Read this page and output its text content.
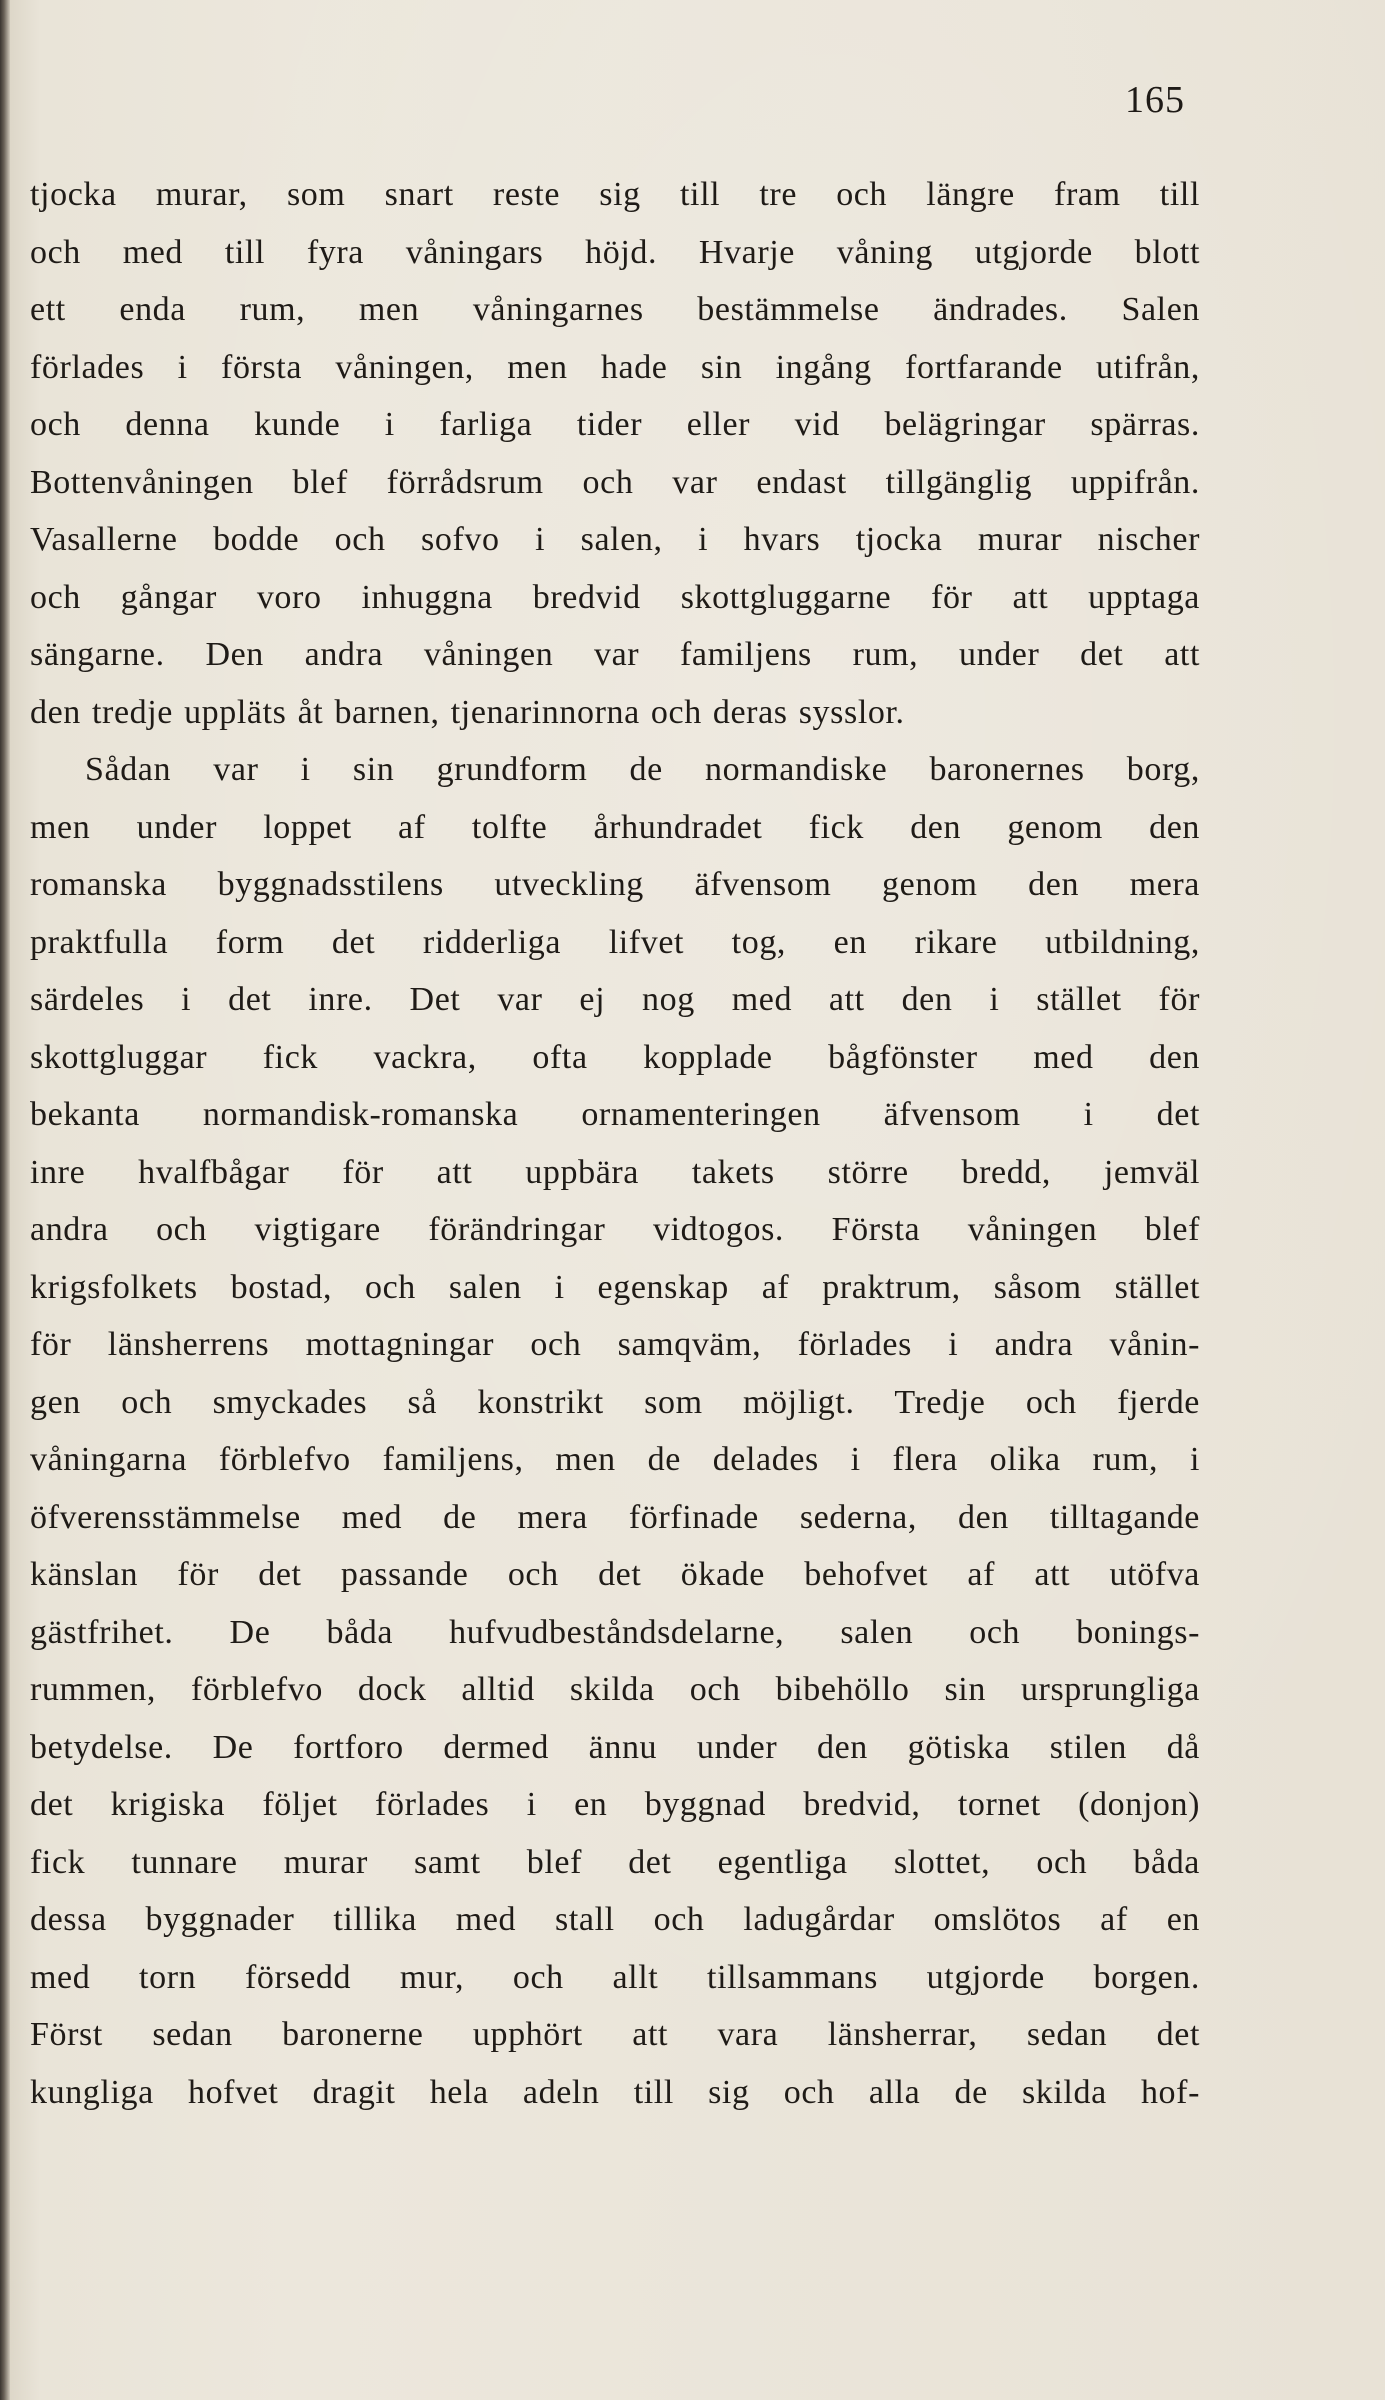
165
tjocka murar, som snart reste sig till tre och längre fram till
och med till fyra våningars höjd. Hvarje våning utgjorde blott
ett enda rum, men våningarnes bestämmelse ändrades. Salen
förlades i första våningen, men hade sin ingång fortfarande utifrån,
och denna kunde i farliga tider eller vid belägringar spärras.
Bottenvåningen blef förrådsrum och var endast tillgänglig uppifrån.
Vasallerne bodde och sofvo i salen, i hvars tjocka murar nischer
och gångar voro inhuggna bredvid skottgluggarne för att upptaga
sängarne. Den andra våningen var familjens rum, under det att
den tredje uppläts åt barnen, tjenarinnorna och deras sysslor.
Sådan var i sin grundform de normandiske baronernes borg,
men under loppet af tolfte århundradet fick den genom den
romanska byggnadsstilens utveckling äfvensom genom den mera
praktfulla form det ridderliga lifvet tog, en rikare utbildning,
särdeles i det inre. Det var ej nog med att den i stället för
skottgluggar fick vackra, ofta kopplade bågfönster med den
bekanta normandisk-romanska ornamenteringen äfvensom i det
inre hvalfbågar för att uppbära takets större bredd, jemväl
andra och vigtigare förändringar vidtogos. Första våningen blef
krigsfolkets bostad, och salen i egenskap af praktrum, såsom stället
för länsherrens mottagningar och samqväm, förlades i andra vånin-
gen och smyckades så konstrikt som möjligt. Tredje och fjerde
våningarna förblefvo familjens, men de delades i flera olika rum, i
öfverensstämmelse med de mera förfinade sederna, den tilltagande
känslan för det passande och det ökade behofvet af att utöfva
gästfrihet. De båda hufvudbeståndsdelarne, salen och bonings-
rummen, förblefvo dock alltid skilda och bibehöllo sin ursprungliga
betydelse. De fortforo dermed ännu under den götiska stilen då
det krigiska följet förlades i en byggnad bredvid, tornet (donjon)
fick tunnare murar samt blef det egentliga slottet, och båda
dessa byggnader tillika med stall och ladugårdar omslötos af en
med torn försedd mur, och allt tillsammans utgjorde borgen.
Först sedan baronerne upphört att vara länsherrar, sedan det
kungliga hofvet dragit hela adeln till sig och alla de skilda hof-
